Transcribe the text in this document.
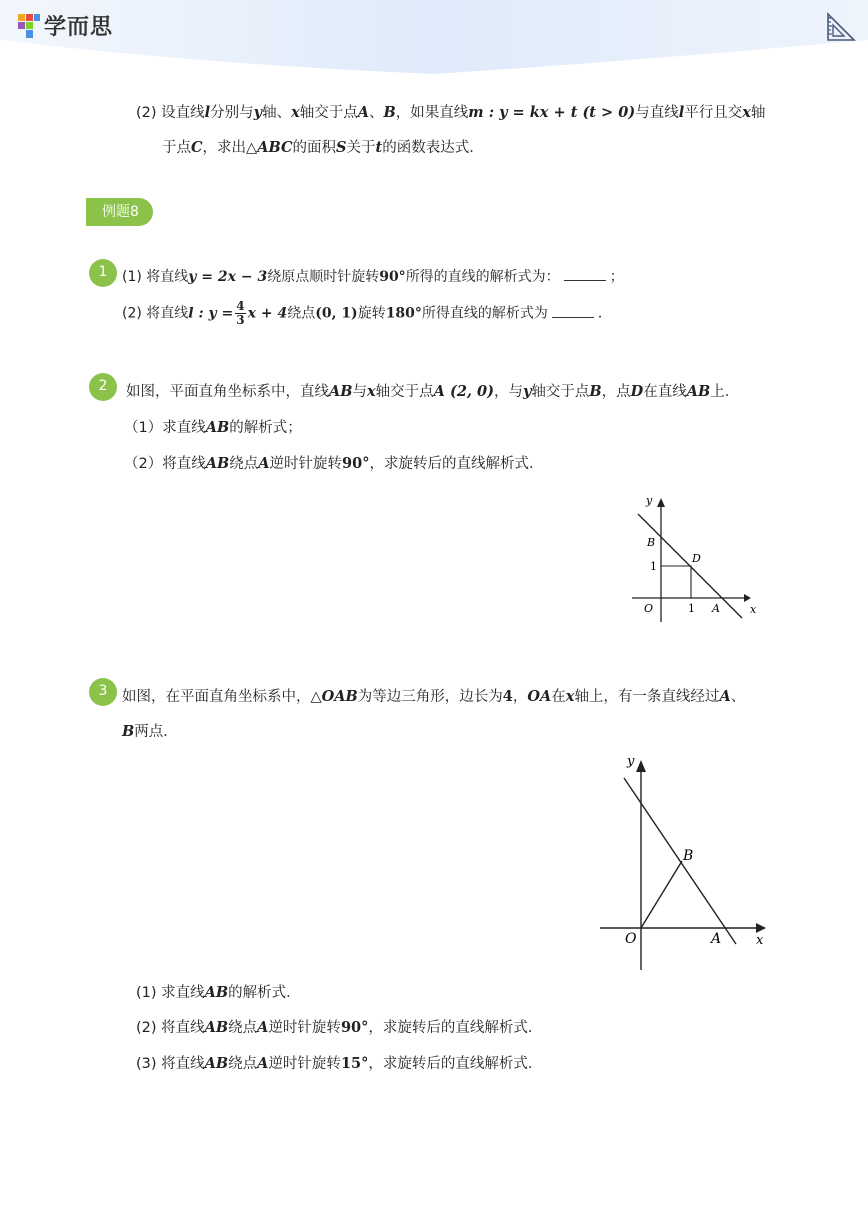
学而思
(2) 设直线l分别与y轴、x轴交于点A、B，如果直线m : y = kx + t (t > 0)与直线l平行且交x轴
于点C，求出△ABC的面积S关于t的函数表达式．
例题8
1	(1) 将直线y = 2x − 3绕原点顺时针旋转90°所得的直线的解析式为：	；
(2) 将直线l : $y = \frac{4}{3}$ x + 4绕点(0, 1)旋转180°所得直线的解析式为	．
2	如图，平面直角坐标系中，直线AB与x轴交于点A (2, 0)，与y轴交于点B，点D在直线AB上．
（1）求直线AB的解析式；
（2）将直线AB绕点A逆时针旋转90°，求旋转后的直线解析式．
y
x
B
D
1
1
O	A
3	如图，在平面直角坐标系中，△OAB为等边三角形，边长为4，OA在x轴上，有一条直线经过A、
B两点．
y
x
B
O	A
(1) 求直线AB的解析式．
(2) 将直线AB绕点A逆时针旋转90°，求旋转后的直线解析式．
(3) 将直线AB绕点A逆时针旋转15°，求旋转后的直线解析式．
